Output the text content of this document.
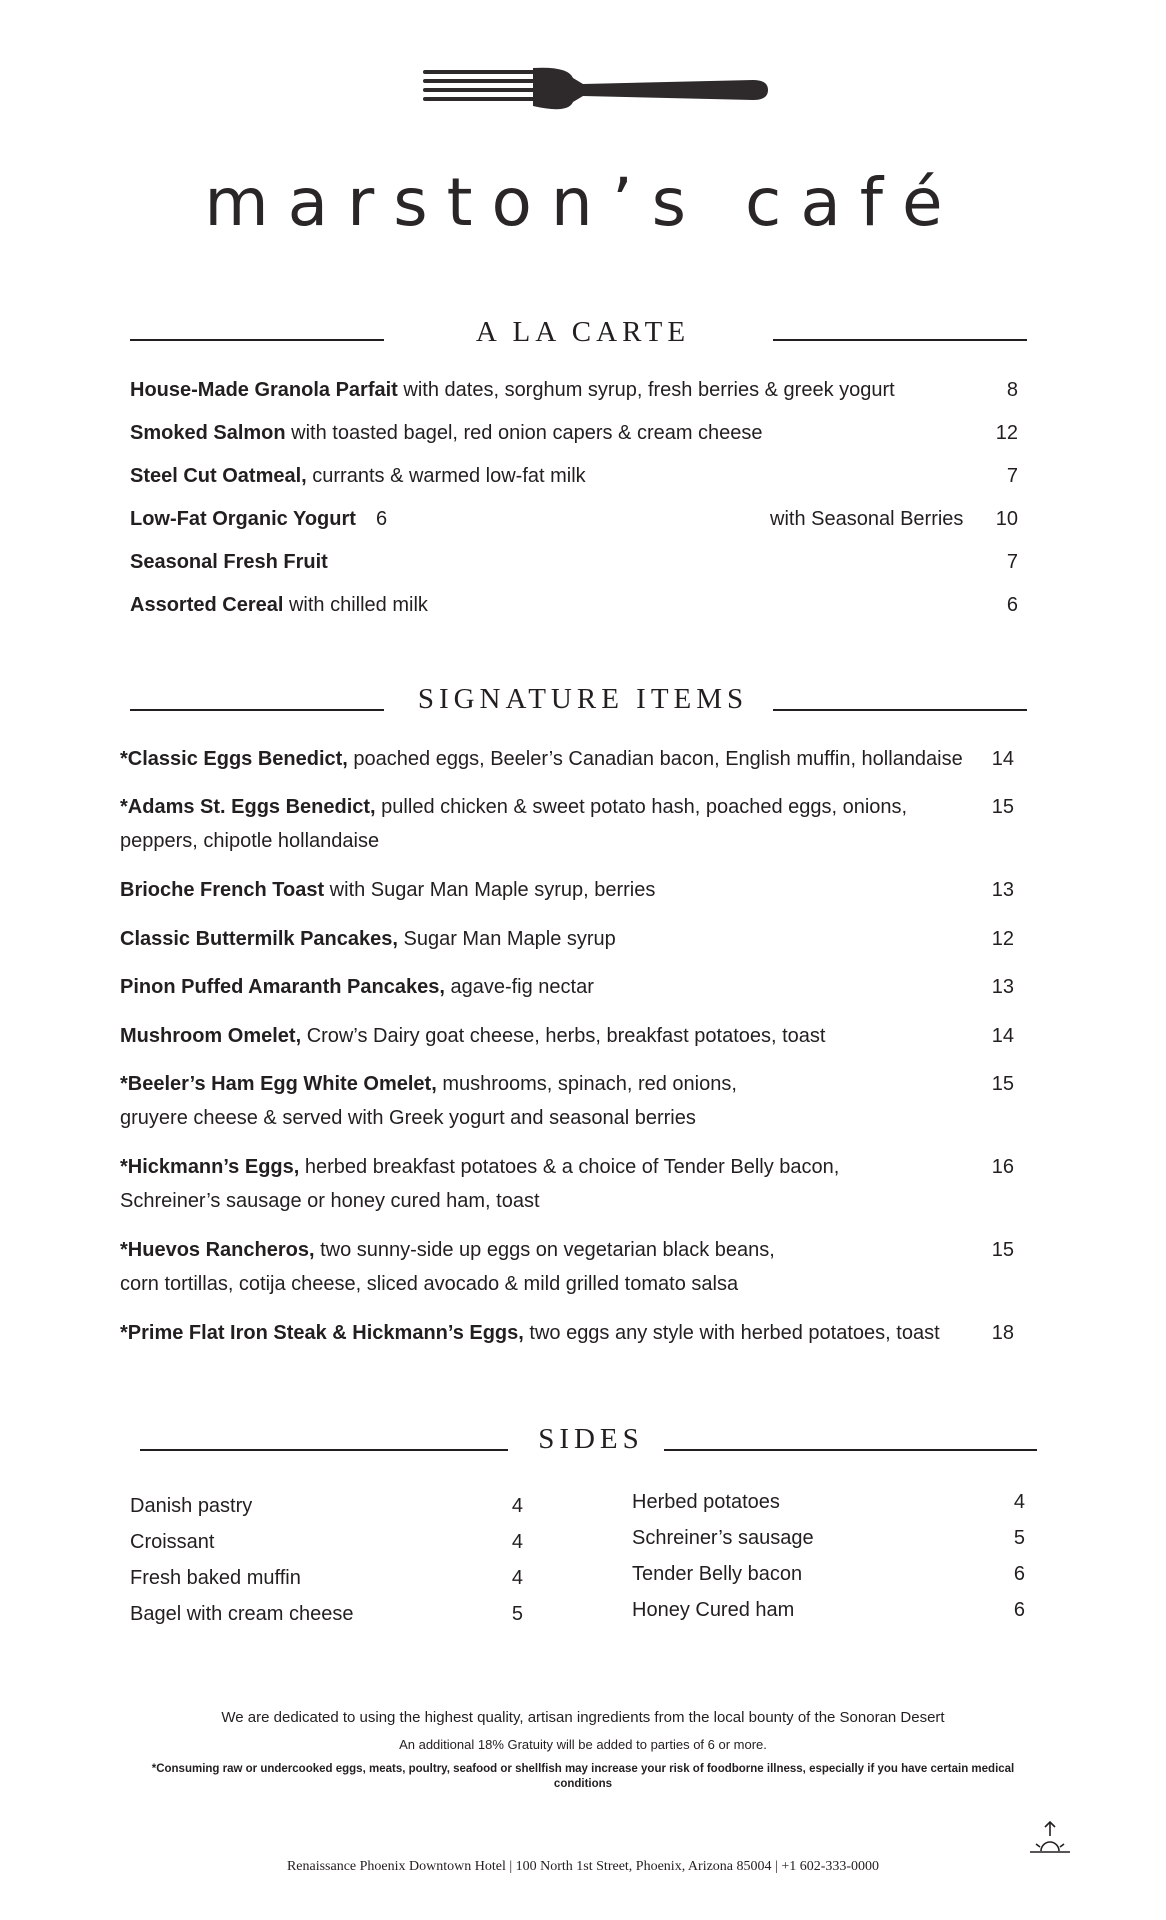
marston’s café
A LA CARTE
House-Made Granola Parfait with dates, sorghum syrup, fresh berries & greek yogurt	8
Smoked Salmon with toasted bagel, red onion capers & cream cheese	12
Steel Cut Oatmeal, currants & warmed low-fat milk	7
Low-Fat Organic Yogurt 6	with Seasonal Berries	10
Seasonal Fresh Fruit	7
Assorted Cereal with chilled milk	6
SIGNATURE ITEMS
*Classic Eggs Benedict, poached eggs, Beeler’s Canadian bacon, English muffin, hollandaise	14
*Adams St. Eggs Benedict, pulled chicken & sweet potato hash, poached eggs, onions,
peppers, chipotle hollandaise
15
Brioche French Toast with Sugar Man Maple syrup, berries	13
Classic Buttermilk Pancakes, Sugar Man Maple syrup	12
Pinon Puffed Amaranth Pancakes, agave-fig nectar	13
Mushroom Omelet, Crow’s Dairy goat cheese, herbs, breakfast potatoes, toast	14
*Beeler’s Ham Egg White Omelet, mushrooms, spinach, red onions,
gruyere cheese & served with Greek yogurt and seasonal berries
15
*Hickmann’s Eggs, herbed breakfast potatoes & a choice of Tender Belly bacon,
Schreiner’s sausage or honey cured ham, toast
16
*Huevos Rancheros, two sunny-side up eggs on vegetarian black beans,
corn tortillas, cotija cheese, sliced avocado & mild grilled tomato salsa
15
*Prime Flat Iron Steak & Hickmann’s Eggs, two eggs any style with herbed potatoes, toast	18
SIDES
Danish pastry	4
Croissant	4
Fresh baked muffin	4
Bagel with cream cheese	5
Herbed potatoes	4
Schreiner’s sausage	5
Tender Belly bacon	6
Honey Cured ham	6
We are dedicated to using the highest quality, artisan ingredients from the local bounty of the Sonoran Desert
An additional 18% Gratuity will be added to parties of 6 or more.
*Consuming raw or undercooked eggs, meats, poultry, seafood or shellfish may increase your risk of foodborne illness, especially if you have certain medical conditions
Renaissance Phoenix Downtown Hotel | 100 North 1st Street, Phoenix, Arizona 85004 | +1 602-333-0000
